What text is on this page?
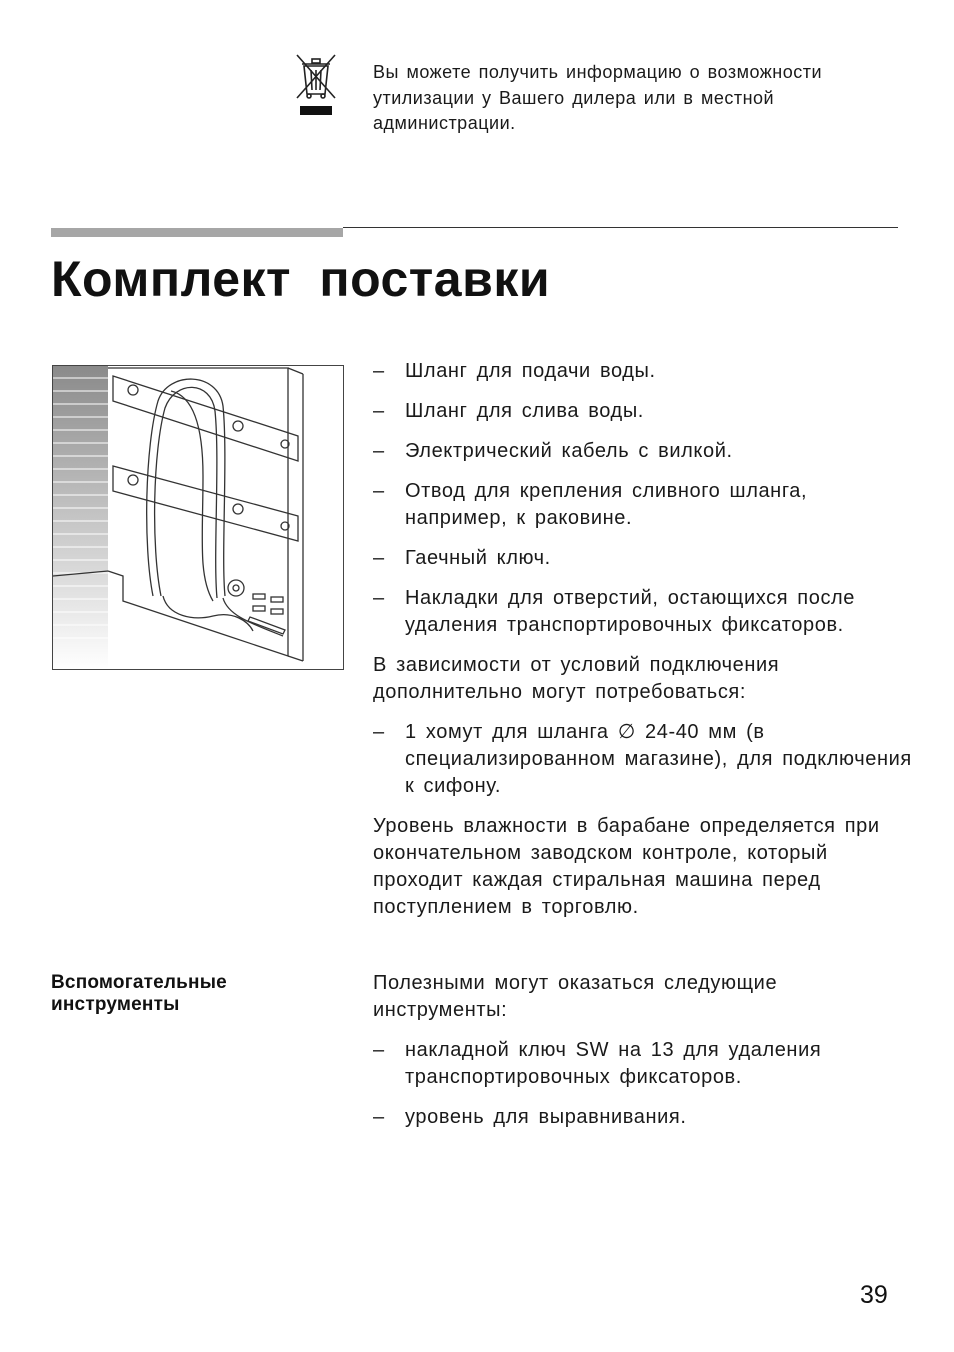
Вы можете получить информацию о возможности утилизации у Вашего дилера или в местной администрации.
Комплект поставки
– Шланг для подачи воды.
– Шланг для слива воды.
– Электрический кабель с вилкой.
– Отвод для крепления сливного шланга, например, к раковине.
– Гаечный ключ.
– Накладки для отверстий, остающихся после удаления транспортировочных фиксаторов.

В зависимости от условий подключения дополнительно могут потребоваться:

– 1 хомут для шланга ∅ 24-40 мм (в специализированном магазине), для подключения к сифону.

Уровень влажности в барабане определяется при окончательном заводском контроле, который проходит каждая стиральная машина перед поступлением в торговлю.

Вспомогательные инструменты

Полезными могут оказаться следующие инструменты:

– накладной ключ SW на 13 для удаления транспортировочных фиксаторов.
– уровень для выравнивания.
39
